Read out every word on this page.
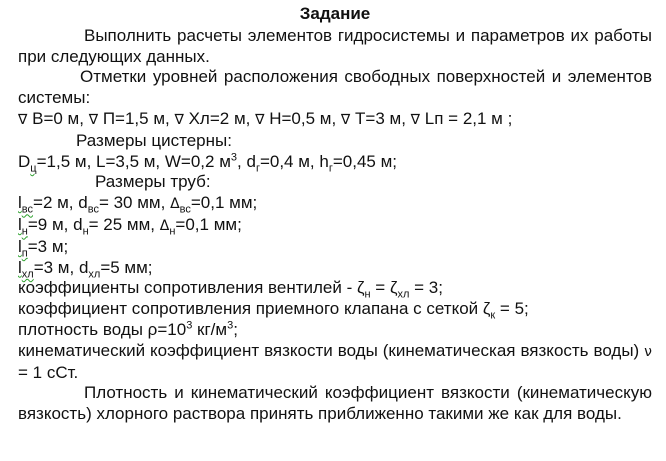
Задание

Выполнить расчеты элементов гидросистемы и параметров их работы при следующих данных.

Отметки уровней расположения свободных поверхностей и элементов системы:

∇ B=0 м, ∇ П=1,5 м, ∇ Хл=2 м, ∇ H=0,5 м, ∇ Т=3 м, ∇ Lп = 2,1 м ;

Размеры цистерны:

$D_ц=1,5$ м, L=3,5 м, W=0,2 $м^3$, $d_г=0,4$ м, $h_г=0,45$ м;

Размеры труб:

$l_{вс}=2$ м, $d_{вс}= 30$ мм, $\Delta_{вс}=0,1$ мм;

$l_н=9$ м, $d_н= 25$ мм, $\Delta_н=0,1$ мм;

$l_п=3$ м;

$l_{хл}=3$ м, $d_{хл}=5$ мм;

коэффициенты сопротивления вентилей - $\zeta_н = \zeta_{хл} = 3$;

коэффициент сопротивления приемного клапана с сеткой $\zeta_к = 5$;

плотность воды $\rho=10^3$ $кг/м^3$;

кинематический коэффициент вязкости воды (кинематическая вязкость воды) ν = 1 сСт.

Плотность и кинематический коэффициент вязкости (кинематическую вязкость) хлорного раствора принять приближенно такими же как для воды.
